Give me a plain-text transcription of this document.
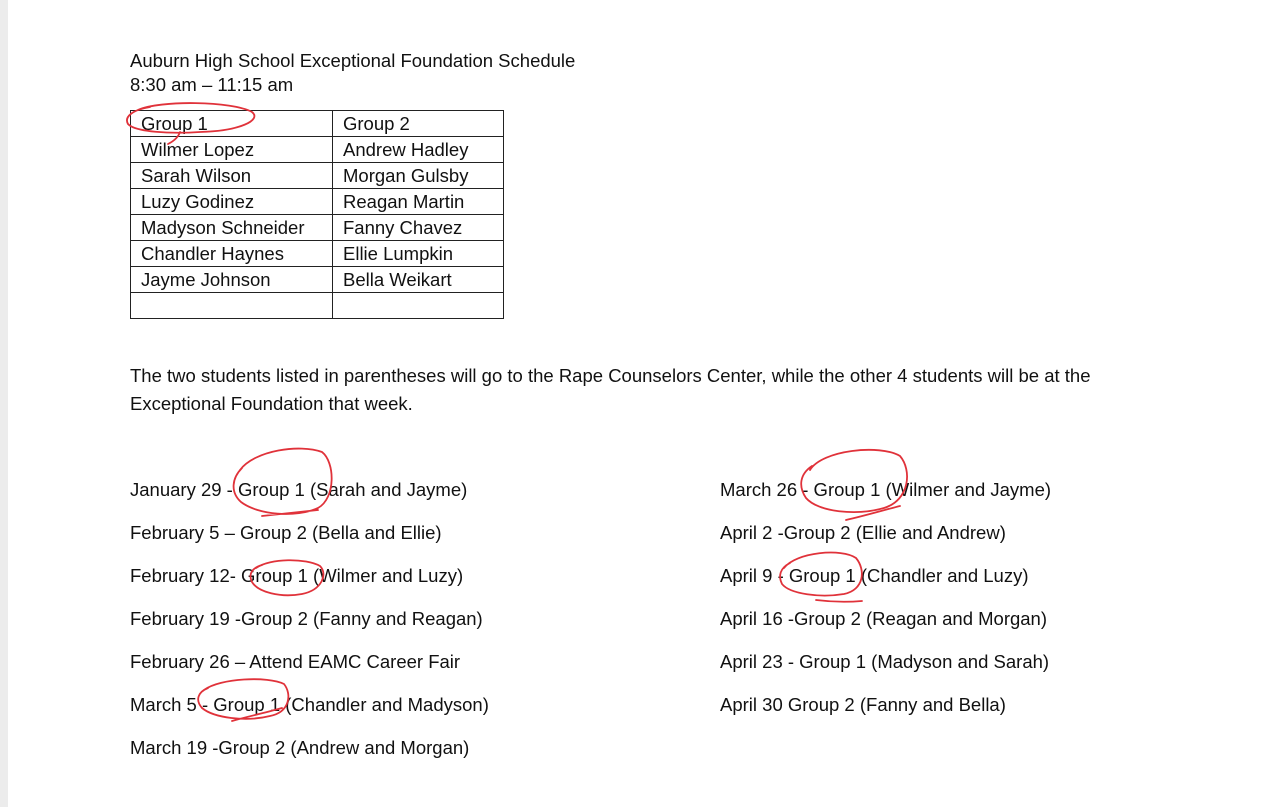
Auburn High School Exceptional Foundation Schedule
8:30 am – 11:15 am
Group 1	Group 2
Wilmer Lopez	Andrew Hadley
Sarah Wilson	Morgan Gulsby
Luzy Godinez	Reagan Martin
Madyson Schneider	Fanny Chavez
Chandler Haynes	Ellie Lumpkin
Jayme Johnson	Bella Weikart

The two students listed in parentheses will go to the Rape Counselors Center, while the other 4 students will be at the Exceptional Foundation that week.
January 29 - Group 1 (Sarah and Jayme)
February 5 – Group 2 (Bella and Ellie)
February 12- Group 1 (Wilmer and Luzy)
February 19 -Group 2 (Fanny and Reagan)
February 26 – Attend EAMC Career Fair
March 5 - Group 1 (Chandler and Madyson)
March 19 -Group 2 (Andrew and Morgan)
March 26 - Group 1 (Wilmer and Jayme)
April 2 -Group 2 (Ellie and Andrew)
April 9 - Group 1 (Chandler and Luzy)
April 16 -Group 2 (Reagan and Morgan)
April 23 - Group 1 (Madyson and Sarah)
April 30 Group 2 (Fanny and Bella)
